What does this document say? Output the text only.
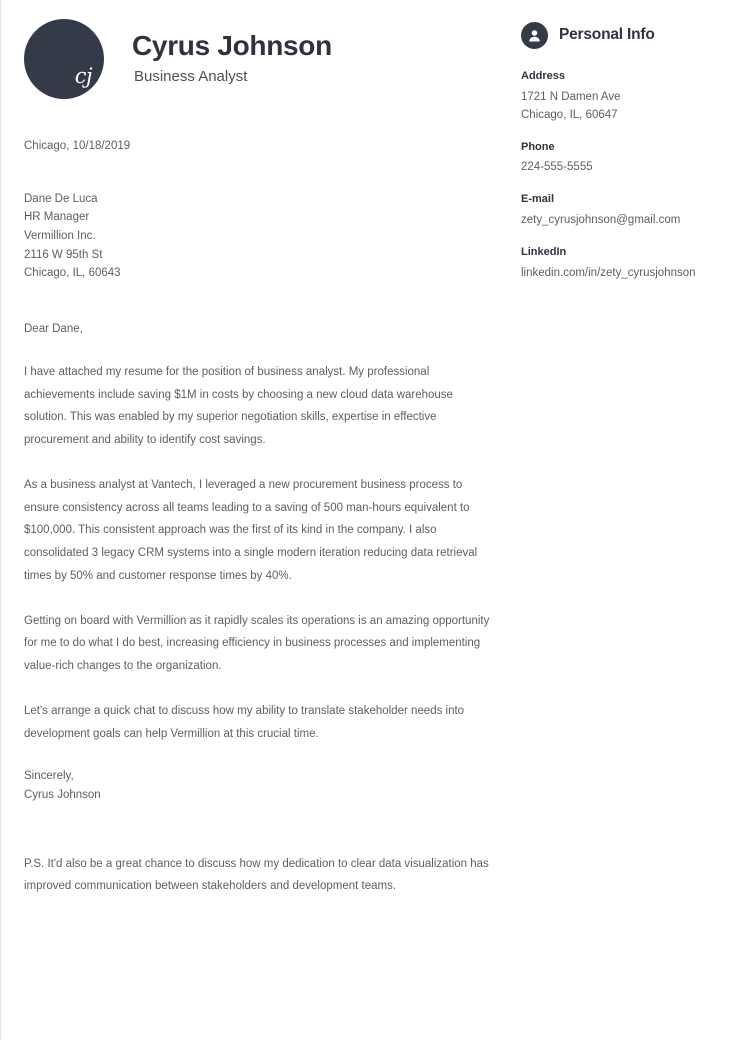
cj
Cyrus Johnson
Business Analyst
Chicago, 10/18/2019
Dane De Luca
HR Manager
Vermillion Inc.
2116 W 95th St
Chicago, IL, 60643
Dear Dane,

I have attached my resume for the position of business analyst. My professional achievements include saving $1M in costs by choosing a new cloud data warehouse solution. This was enabled by my superior negotiation skills, expertise in effective procurement and ability to identify cost savings.

As a business analyst at Vantech, I leveraged a new procurement business process to ensure consistency across all teams leading to a saving of 500 man-hours equivalent to $100,000. This consistent approach was the first of its kind in the company. I also consolidated 3 legacy CRM systems into a single modern iteration reducing data retrieval times by 50% and customer response times by 40%.

Getting on board with Vermillion as it rapidly scales its operations is an amazing opportunity for me to do what I do best, increasing efficiency in business processes and implementing value-rich changes to the organization.

Let's arrange a quick chat to discuss how my ability to translate stakeholder needs into development goals can help Vermillion at this crucial time.

Sincerely,
Cyrus Johnson
P.S. It'd also be a great chance to discuss how my dedication to clear data visualization has improved communication between stakeholders and development teams.
Personal Info
Address
1721 N Damen Ave
Chicago, IL, 60647
Phone
224-555-5555
E-mail
zety_cyrusjohnson@gmail.com
LinkedIn
linkedin.com/in/zety_cyrusjohnson
